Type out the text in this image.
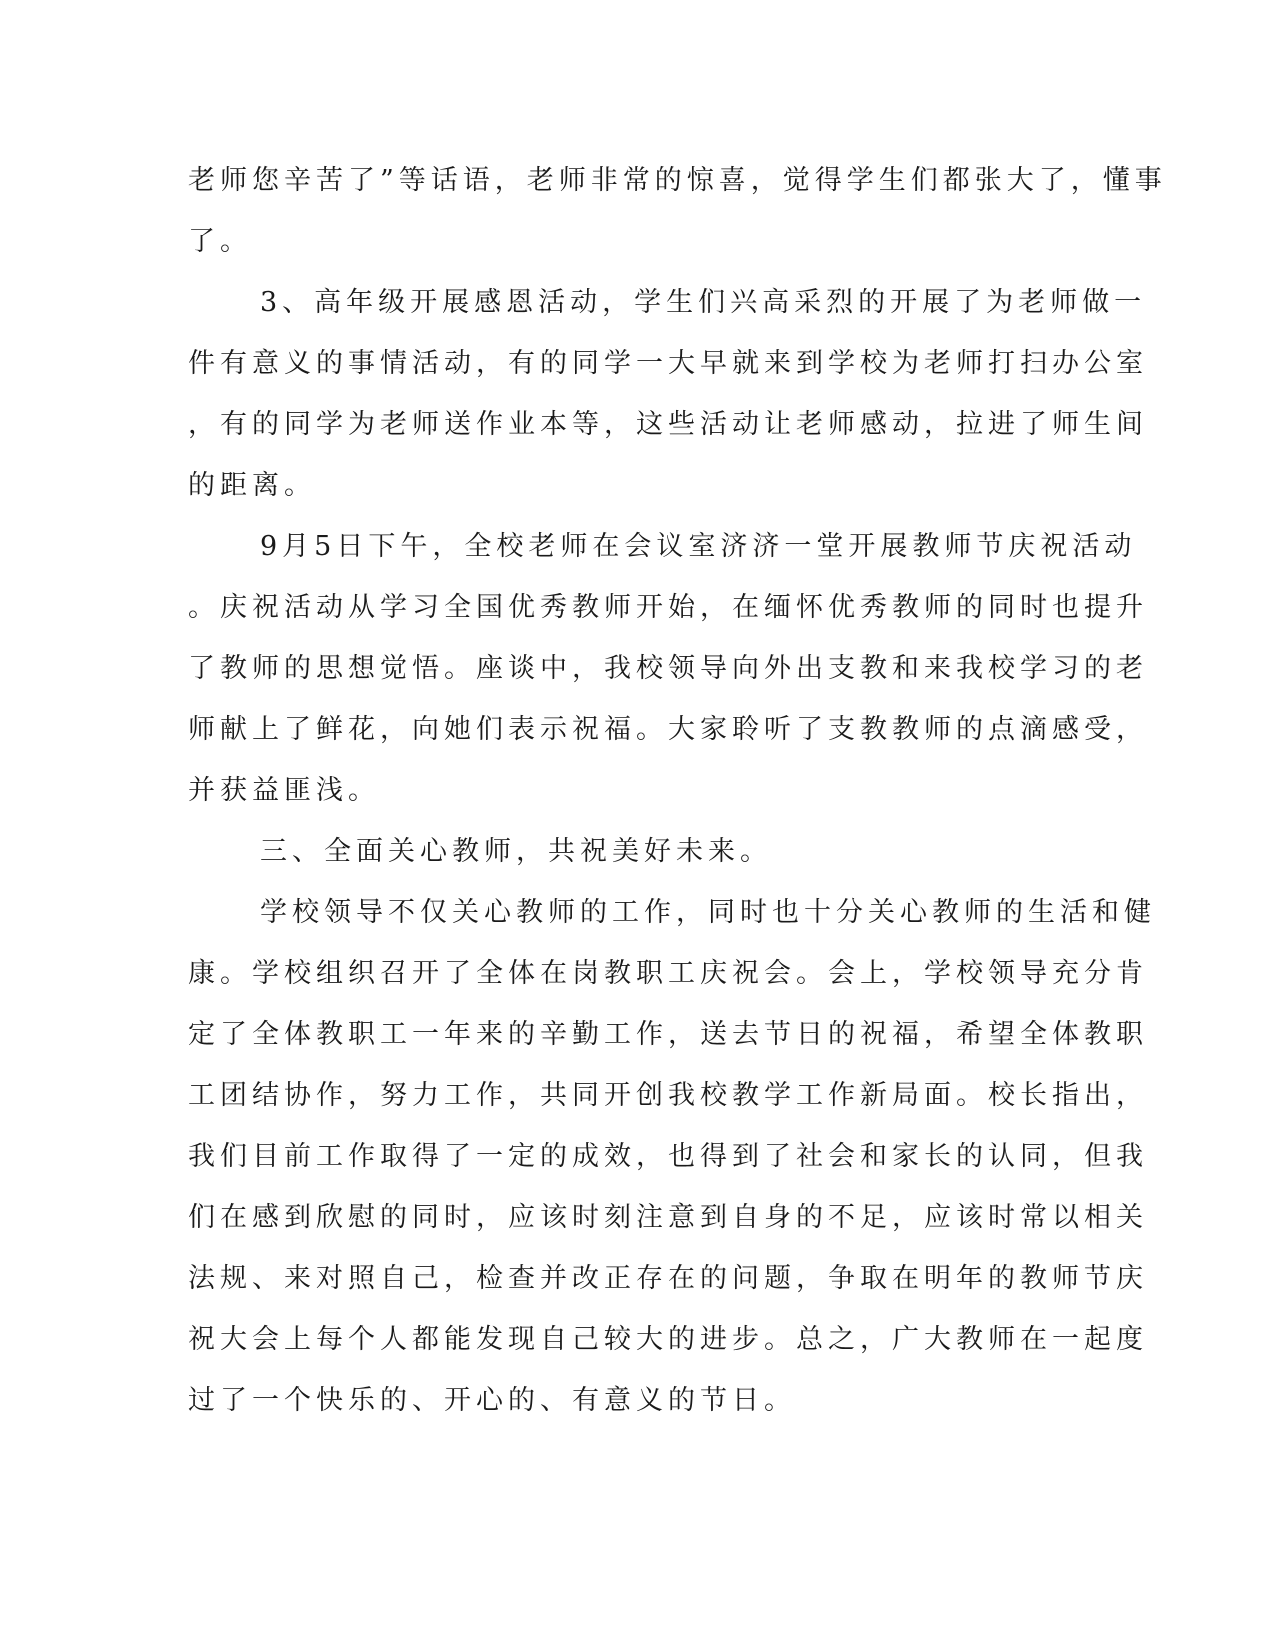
老师您辛苦了”等话语，老师非常的惊喜，觉得学生们都张大了，懂事
了。
3、高年级开展感恩活动，学生们兴高采烈的开展了为老师做一
件有意义的事情活动，有的同学一大早就来到学校为老师打扫办公室
，有的同学为老师送作业本等，这些活动让老师感动，拉进了师生间
的距离。
9月5日下午，全校老师在会议室济济一堂开展教师节庆祝活动
。庆祝活动从学习全国优秀教师开始，在缅怀优秀教师的同时也提升
了教师的思想觉悟。座谈中，我校领导向外出支教和来我校学习的老
师献上了鲜花，向她们表示祝福。大家聆听了支教教师的点滴感受，
并获益匪浅。
三、全面关心教师，共祝美好未来。
学校领导不仅关心教师的工作，同时也十分关心教师的生活和健
康。学校组织召开了全体在岗教职工庆祝会。会上，学校领导充分肯
定了全体教职工一年来的辛勤工作，送去节日的祝福，希望全体教职
工团结协作，努力工作，共同开创我校教学工作新局面。校长指出，
我们目前工作取得了一定的成效，也得到了社会和家长的认同，但我
们在感到欣慰的同时，应该时刻注意到自身的不足，应该时常以相关
法规、来对照自己，检查并改正存在的问题，争取在明年的教师节庆
祝大会上每个人都能发现自己较大的进步。总之，广大教师在一起度
过了一个快乐的、开心的、有意义的节日。
